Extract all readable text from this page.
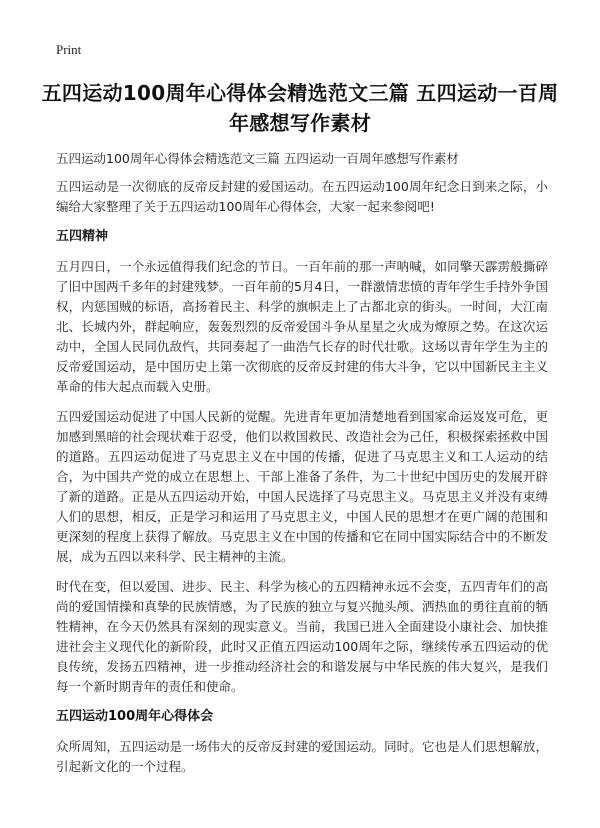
Print
五四运动100周年心得体会精选范文三篇 五四运动一百周年感想写作素材

五四运动100周年心得体会精选范文三篇 五四运动一百周年感想写作素材

五四运动是一次彻底的反帝反封建的爱国运动。在五四运动100周年纪念日到来之际，小编给大家整理了关于五四运动100周年心得体会，大家一起来参阅吧!

五四精神

五月四日，一个永远值得我们纪念的节日。一百年前的那一声呐喊，如同擎天霹雳般撕碎了旧中国两千多年的封建残梦。一百年前的5月4日，一群激情悲愤的青年学生手持外争国权，内惩国贼的标语，高扬着民主、科学的旗帜走上了古都北京的街头。一时间，大江南北、长城内外，群起响应，轰轰烈烈的反帝爱国斗争从星星之火成为燎原之势。在这次运动中，全国人民同仇敌忾，共同奏起了一曲浩气长存的时代壮歌。这场以青年学生为主的反帝爱国运动，是中国历史上第一次彻底的反帝反封建的伟大斗争，它以中国新民主主义革命的伟大起点而载入史册。

五四爱国运动促进了中国人民新的觉醒。先进青年更加清楚地看到国家命运岌岌可危，更加感到黑暗的社会现状难于忍受，他们以救国救民、改造社会为己任，积极探索拯救中国的道路。五四运动促进了马克思主义在中国的传播，促进了马克思主义和工人运动的结合，为中国共产党的成立在思想上、干部上准备了条件，为二十世纪中国历史的发展开辟了新的道路。正是从五四运动开始，中国人民选择了马克思主义。马克思主义并没有束缚人们的思想，相反，正是学习和运用了马克思主义，中国人民的思想才在更广阔的范围和更深刻的程度上获得了解放。马克思主义在中国的传播和它在同中国实际结合中的不断发展，成为五四以来科学、民主精神的主流。

时代在变，但以爱国、进步、民主、科学为核心的五四精神永远不会变，五四青年们的高尚的爱国情操和真挚的民族情感，为了民族的独立与复兴抛头颅、洒热血的勇往直前的牺牲精神，在今天仍然具有深刻的现实意义。当前，我国已进入全面建设小康社会、加快推进社会主义现代化的新阶段，此时又正值五四运动100周年之际，继续传承五四运动的优良传统，发扬五四精神，进一步推动经济社会的和谐发展与中华民族的伟大复兴，是我们每一个新时期青年的责任和使命。

五四运动100周年心得体会

众所周知，五四运动是一场伟大的反帝反封建的爱国运动。同时。它也是人们思想解放，引起新文化的一个过程。
